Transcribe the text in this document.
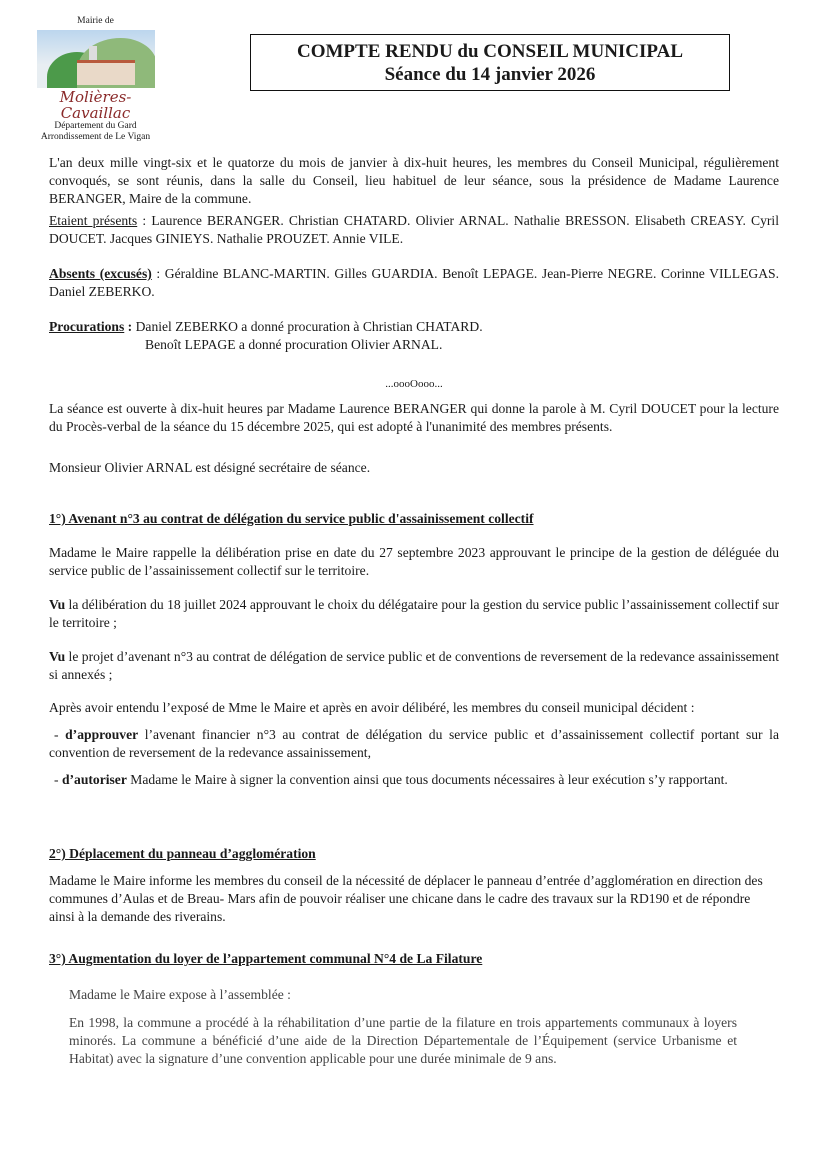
Mairie de
Molières-Cavaillac
Département du Gard
Arrondissement de Le Vigan
COMPTE RENDU du CONSEIL MUNICIPAL
Séance du 14 janvier 2026
L'an deux mille vingt-six et le quatorze du mois de janvier à dix-huit heures, les membres du Conseil Municipal, régulièrement convoqués, se sont réunis, dans la salle du Conseil, lieu habituel de leur séance, sous la présidence de Madame Laurence BERANGER, Maire de la commune.
Etaient présents : Laurence BERANGER. Christian CHATARD. Olivier ARNAL. Nathalie BRESSON. Elisabeth CREASY. Cyril DOUCET. Jacques GINIEYS. Nathalie PROUZET. Annie VILE.
Absents (excusés) : Géraldine BLANC-MARTIN. Gilles GUARDIA. Benoît LEPAGE. Jean-Pierre NEGRE. Corinne VILLEGAS. Daniel ZEBERKO.
Procurations : Daniel ZEBERKO a donné procuration à Christian CHATARD.
Benoît LEPAGE a donné procuration Olivier ARNAL.
...oooOooo...
La séance est ouverte à dix-huit heures par Madame Laurence BERANGER qui donne la parole à M. Cyril DOUCET pour la lecture du Procès-verbal de la séance du 15 décembre 2025, qui est adopté à l'unanimité des membres présents.
Monsieur Olivier ARNAL est désigné secrétaire de séance.
1°) Avenant n°3 au contrat de délégation du service public d'assainissement collectif
Madame le Maire rappelle la délibération prise en date du 27 septembre 2023 approuvant le principe de la gestion de déléguée du service public de l’assainissement collectif sur le territoire.
Vu la délibération du 18 juillet 2024 approuvant le choix du délégataire pour la gestion du service public l’assainissement collectif sur le territoire ;
Vu le projet d’avenant n°3 au contrat de délégation de service public et de conventions de reversement de la redevance assainissement si annexés ;
Après avoir entendu l’exposé de Mme le Maire et après en avoir délibéré, les membres du conseil municipal décident :
- d’approuver l’avenant financier n°3 au contrat de délégation du service public et d’assainissement collectif portant sur la convention de reversement de la redevance assainissement,
- d’autoriser Madame le Maire à signer la convention ainsi que tous documents nécessaires à leur exécution s’y rapportant.
2°) Déplacement du panneau d’agglomération
Madame le Maire informe les membres du conseil de la nécessité de déplacer le panneau d’entrée d’agglomération en direction des communes d’Aulas et de Breau- Mars afin de pouvoir réaliser une chicane dans le cadre des travaux sur la RD190 et de répondre ainsi à la demande des riverains.
3°) Augmentation du loyer de l’appartement communal N°4 de La Filature
Madame le Maire expose à l’assemblée :
En 1998, la commune a procédé à la réhabilitation d’une partie de la filature en trois appartements communaux à loyers minorés. La commune a bénéficié d’une aide de la Direction Départementale de l’Équipement (service Urbanisme et Habitat) avec la signature d’une convention applicable pour une durée minimale de 9 ans.
